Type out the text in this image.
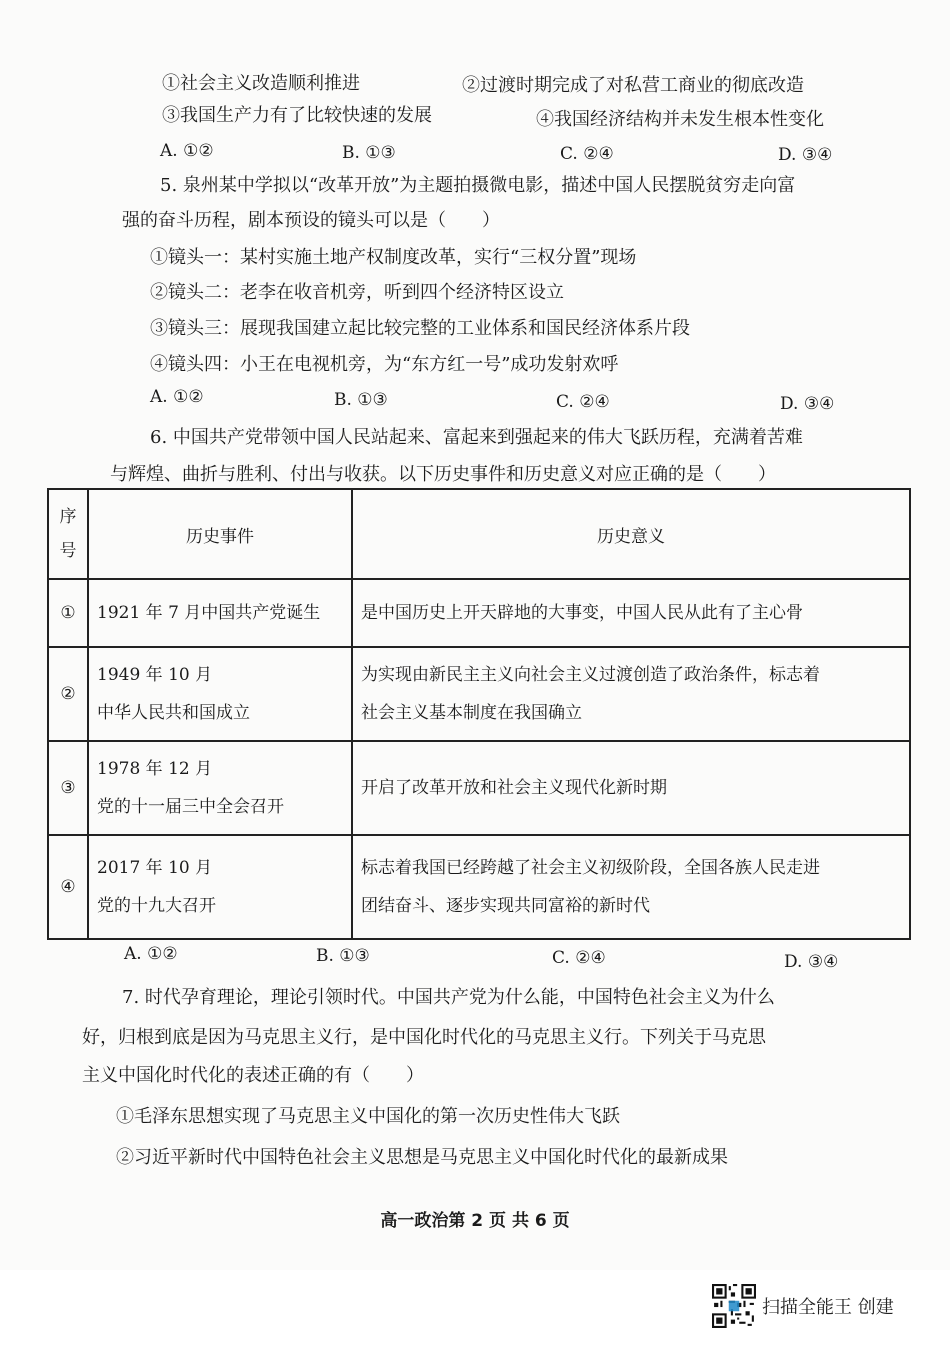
①社会主义改造顺利推进	②过渡时期完成了对私营工商业的彻底改造
③我国生产力有了比较快速的发展	④我国经济结构并未发生根本性变化
A. ①②	B. ①③	C. ②④	D. ③④
5. 泉州某中学拟以“改革开放”为主题拍摄微电影，描述中国人民摆脱贫穷走向富
强的奋斗历程，剧本预设的镜头可以是（　　）
①镜头一：某村实施土地产权制度改革，实行“三权分置”现场
②镜头二：老李在收音机旁，听到四个经济特区设立
③镜头三：展现我国建立起比较完整的工业体系和国民经济体系片段
④镜头四：小王在电视机旁，为“东方红一号”成功发射欢呼
A. ①②	B. ①③	C. ②④	D. ③④
6. 中国共产党带领中国人民站起来、富起来到强起来的伟大飞跃历程，充满着苦难
与辉煌、曲折与胜利、付出与收获。以下历史事件和历史意义对应正确的是（　　）
序
号	历史事件	历史意义
①	1921 年 7 月中国共产党诞生	是中国历史上开天辟地的大事变，中国人民从此有了主心骨

②	1949 年 10 月
中华人民共和国成立	为实现由新民主主义向社会主义过渡创造了政治条件，标志着
社会主义基本制度在我国确立

③	1978 年 12 月
党的十一届三中全会召开	开启了改革开放和社会主义现代化新时期

④	2017 年 10 月
党的十九大召开	标志着我国已经跨越了社会主义初级阶段，全国各族人民走进
团结奋斗、逐步实现共同富裕的新时代
A. ①②	B. ①③	C. ②④	D. ③④
7. 时代孕育理论，理论引领时代。中国共产党为什么能，中国特色社会主义为什么
好，归根到底是因为马克思主义行，是中国化时代化的马克思主义行。下列关于马克思
主义中国化时代化的表述正确的有（　　）
①毛泽东思想实现了马克思主义中国化的第一次历史性伟大飞跃
②习近平新时代中国特色社会主义思想是马克思主义中国化时代化的最新成果
高一政治第 2 页 共 6 页
扫描全能王 创建
